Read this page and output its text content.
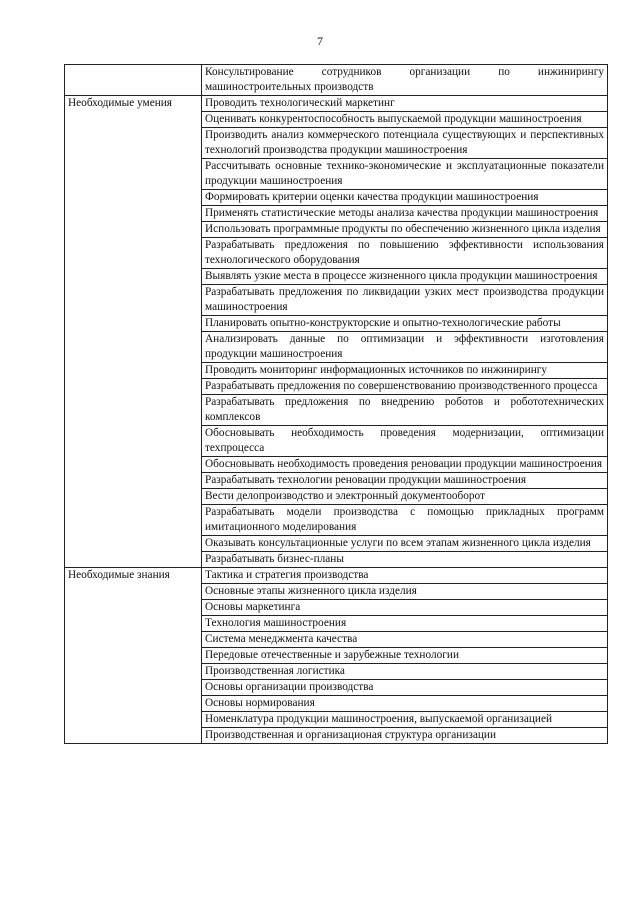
7
	Консультирование сотрудников организации по инжинирингу машиностроительных производств
Необходимые умения	Проводить технологический маркетинг
	Оценивать конкурентоспособность выпускаемой продукции машиностроения
	Производить анализ коммерческого потенциала существующих и перспективных технологий производства продукции машиностроения
	Рассчитывать основные технико-экономические и эксплуатационные показатели продукции машиностроения
	Формировать критерии оценки качества продукции машиностроения
	Применять статистические методы анализа качества продукции машиностроения
	Использовать программные продукты по обеспечению жизненного цикла изделия
	Разрабатывать предложения по повышению эффективности использования технологического оборудования
	Выявлять узкие места в процессе жизненного цикла продукции машиностроения
	Разрабатывать предложения по ликвидации узких мест производства продукции машиностроения
	Планировать опытно-конструкторские и опытно-технологические работы
	Анализировать данные по оптимизации и эффективности изготовления продукции машиностроения
	Проводить мониторинг информационных источников по инжинирингу
	Разрабатывать предложения по совершенствованию производственного процесса
	Разрабатывать предложения по внедрению роботов и робототехнических комплексов
	Обосновывать необходимость проведения модернизации, оптимизации техпроцесса
	Обосновывать необходимость проведения реновации продукции машиностроения
	Разрабатывать технологии реновации продукции машиностроения
	Вести делопроизводство и электронный документооборот
	Разрабатывать модели производства с помощью прикладных программ имитационного моделирования
	Оказывать консультационные услуги по всем этапам жизненного цикла изделия
	Разрабатывать бизнес-планы
Необходимые знания	Тактика и стратегия производства
	Основные этапы жизненного цикла изделия
	Основы маркетинга
	Технология машиностроения
	Система менеджмента качества
	Передовые отечественные и зарубежные технологии
	Производственная логистика
	Основы организации производства
	Основы нормирования
	Номенклатура продукции машиностроения, выпускаемой организацией
	Производственная и организационая структура организации
